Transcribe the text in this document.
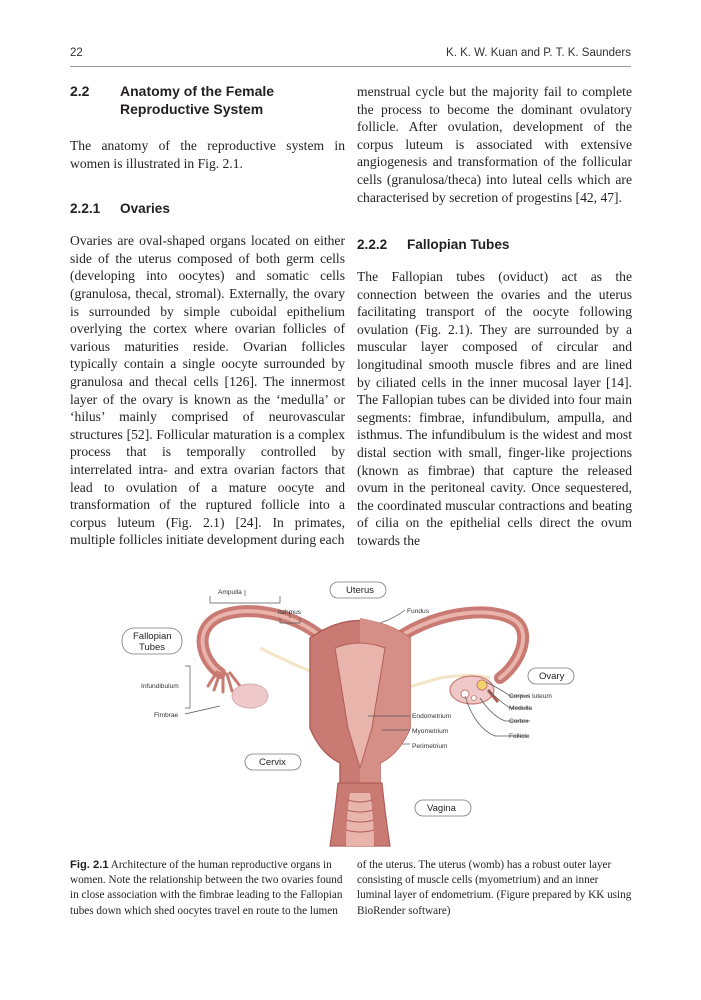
22	K. K. W. Kuan and P. T. K. Saunders
2.2	Anatomy of the Female Reproductive System

The anatomy of the reproductive system in women is illustrated in Fig. 2.1.

2.2.1	Ovaries

Ovaries are oval-shaped organs located on either side of the uterus composed of both germ cells (developing into oocytes) and somatic cells (granulosa, thecal, stromal). Externally, the ovary is surrounded by simple cuboidal epithelium overlying the cortex where ovarian follicles of various maturities reside. Ovarian follicles typically contain a single oocyte surrounded by granulosa and thecal cells [126]. The innermost layer of the ovary is known as the ‘medulla’ or ‘hilus’ mainly comprised of neurovascular structures [52]. Follicular maturation is a complex process that is temporally controlled by interrelated intra- and extra ovarian factors that lead to ovulation of a mature oocyte and transformation of the ruptured follicle into a corpus luteum (Fig. 2.1) [24]. In primates, multiple follicles initiate development during each

menstrual cycle but the majority fail to complete the process to become the dominant ovulatory follicle. After ovulation, development of the corpus luteum is associated with extensive angiogenesis and transformation of the follicular cells (granulosa/theca) into luteal cells which are characterised by secretion of progestins [42, 47].

2.2.2	Fallopian Tubes

The Fallopian tubes (oviduct) act as the connection between the ovaries and the uterus facilitating transport of the oocyte following ovulation (Fig. 2.1). They are surrounded by a muscular layer composed of circular and longitudinal smooth muscle fibres and are lined by ciliated cells in the inner mucosal layer [14]. The Fallopian tubes can be divided into four main segments: fimbrae, infundibulum, ampulla, and isthmus. The infundibulum is the widest and most distal section with small, finger-like projections (known as fimbrae) that capture the released ovum in the peritoneal cavity. Once sequestered, the coordinated muscular contractions and beating of cilia on the epithelial cells direct the ovum towards the

Ampulla
Isthmus	Fundus
Infundibulum
Fimbrae
Corpus luteum
Medulla
Cortex
Follicle
Endometrium
Myometrium
Perimetrium
Uterus
Fallopian Tubes
Ovary
Cervix
Vagina
Fig. 2.1 Architecture of the human reproductive organs in women. Note the relationship between the two ovaries found in close association with the fimbrae leading to the Fallopian tubes down which shed oocytes travel en route to the lumen
of the uterus. The uterus (womb) has a robust outer layer consisting of muscle cells (myometrium) and an inner luminal layer of endometrium. (Figure prepared by KK using BioRender software)
